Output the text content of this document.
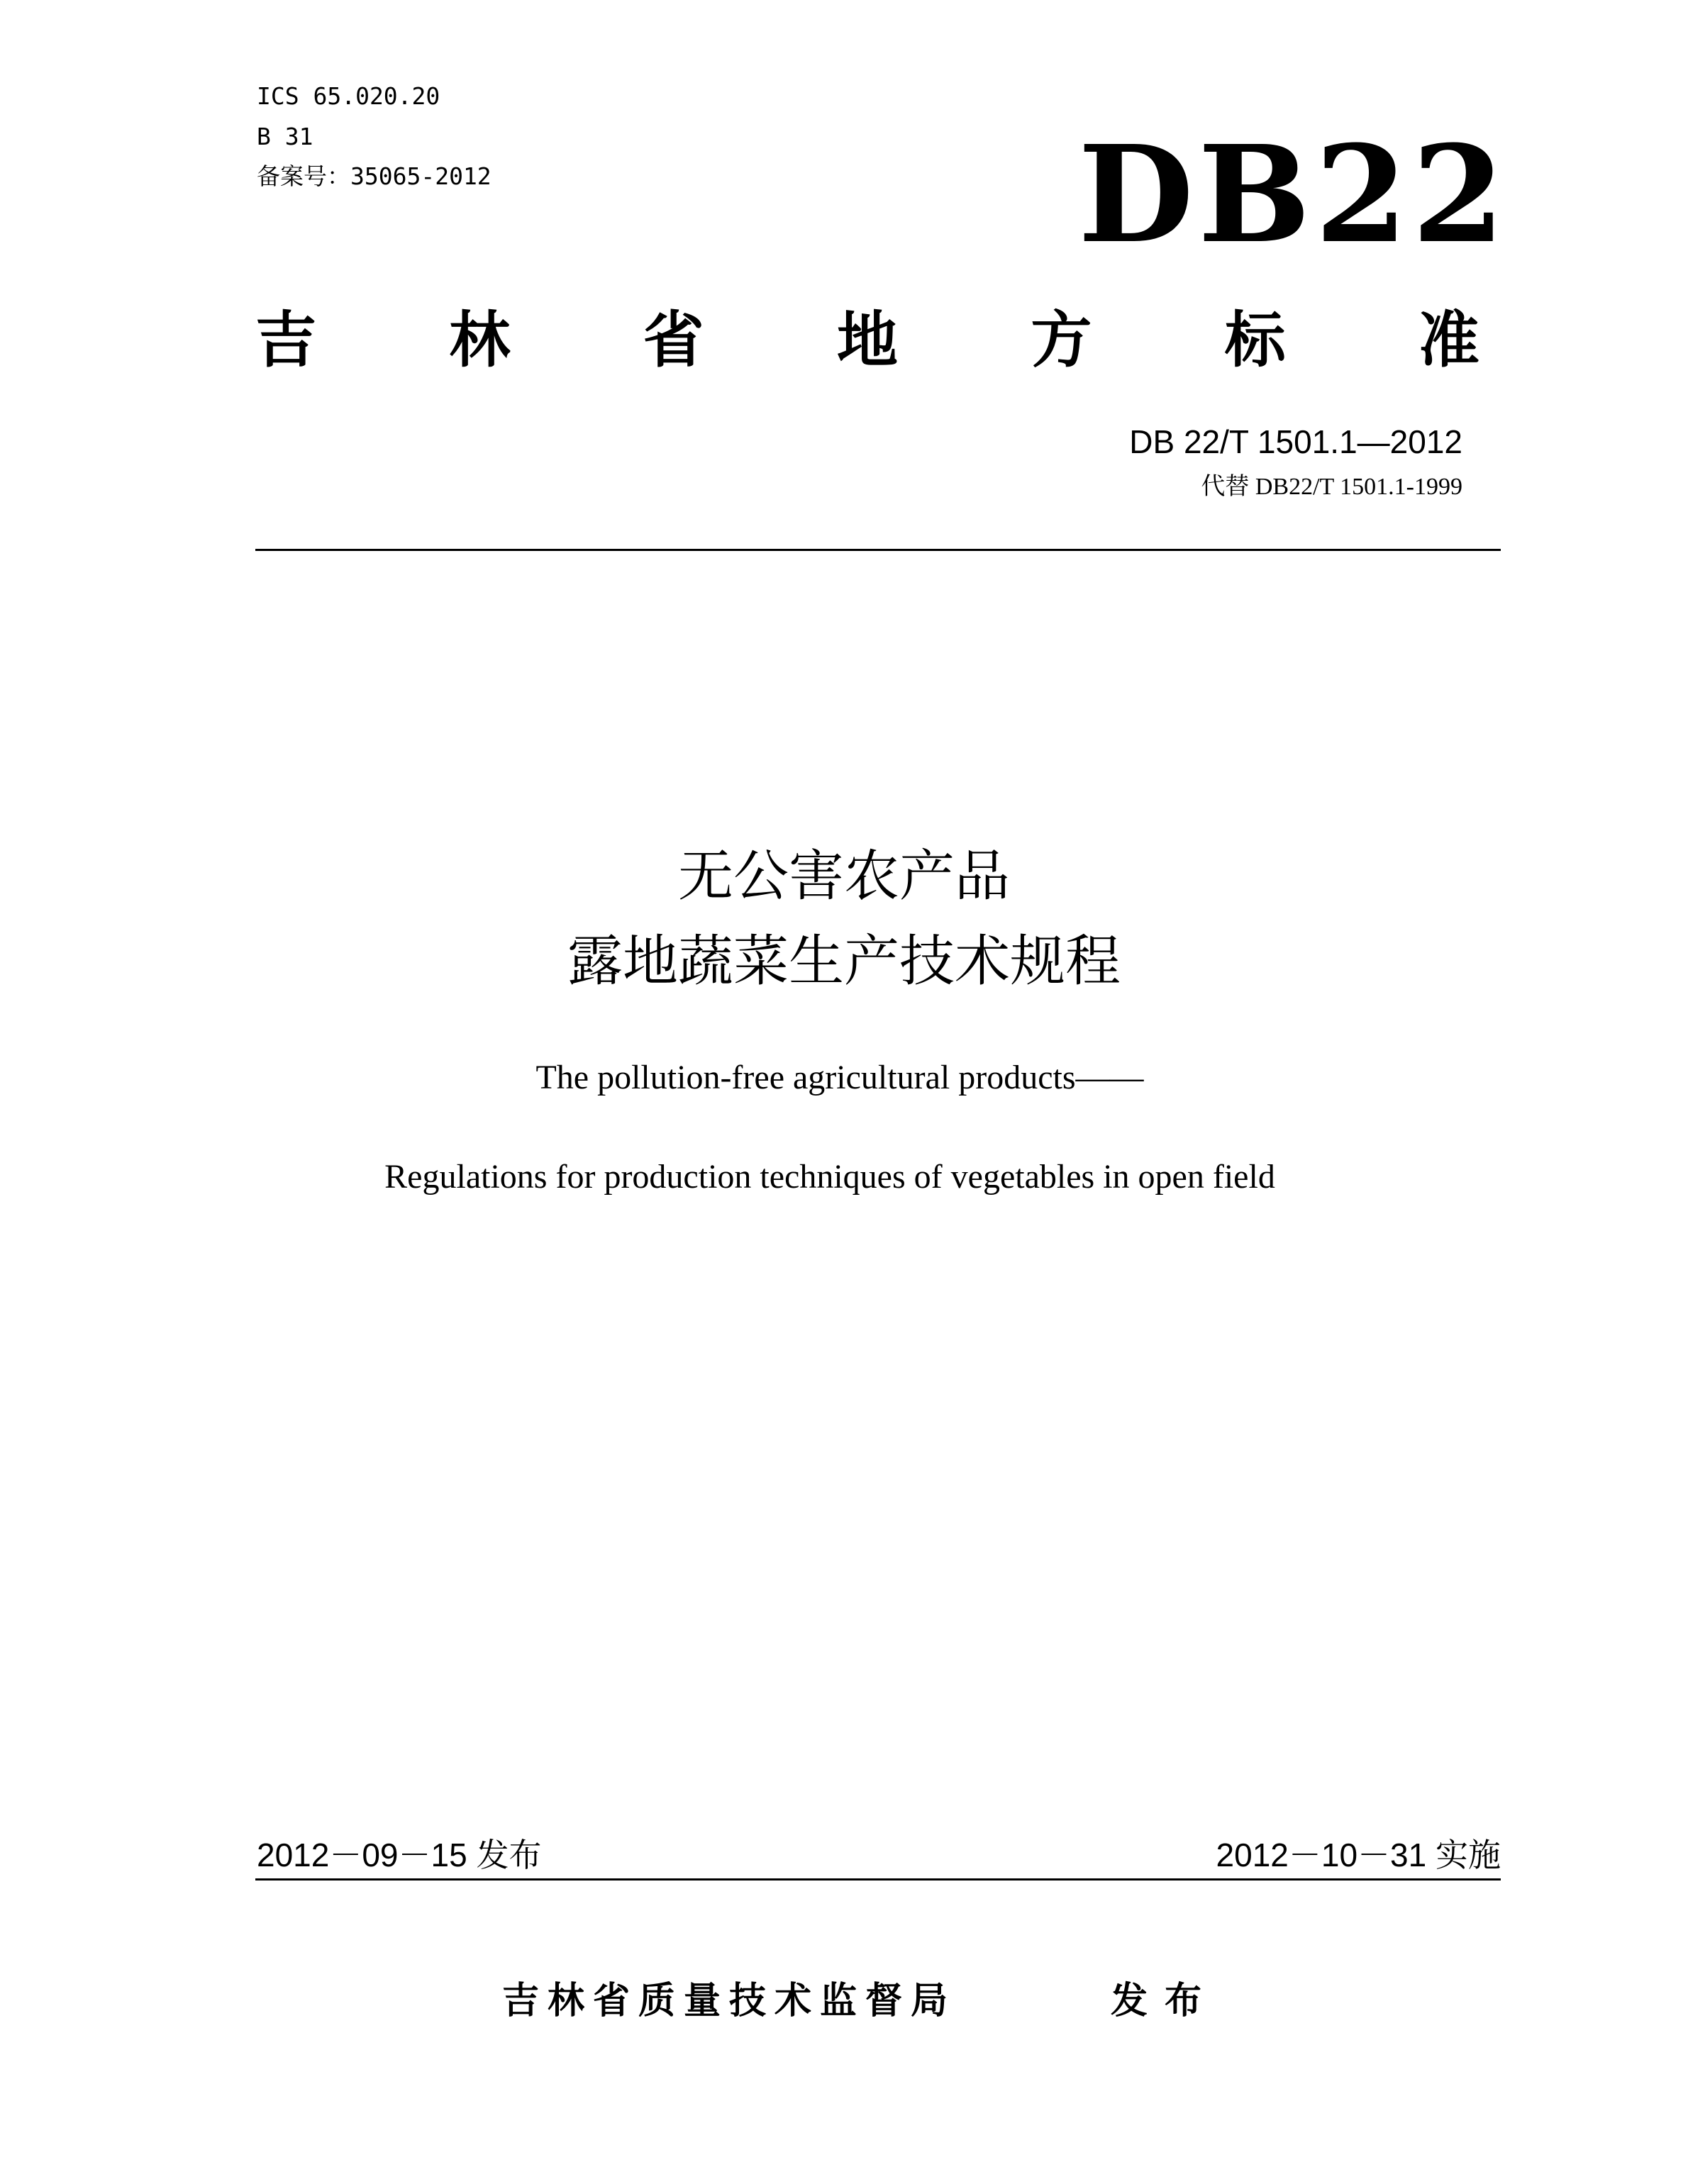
ICS 65.020.20
B 31
备案号：35065-2012	DB22
吉 林 省 地 方 标 准
DB 22/T 1501.1—2012
代替 DB22/T 1501.1-1999
无公害农产品
露地蔬菜生产技术规程
The pollution-free agricultural products——
Regulations for production techniques of vegetables in open field
2012－09－15 发布	2012－10－31 实施
吉林省质量技术监督局	发布
